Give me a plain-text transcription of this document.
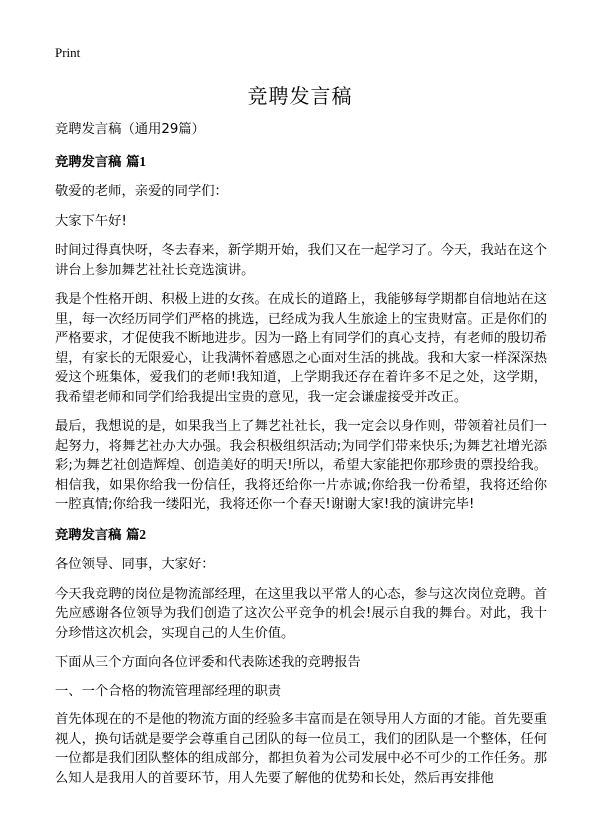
Print
竞聘发言稿

竞聘发言稿（通用29篇）

竞聘发言稿 篇1

敬爱的老师，亲爱的同学们：

大家下午好!

时间过得真快呀，冬去春来，新学期开始，我们又在一起学习了。今天，我站在这个讲台上参加舞艺社社长竞选演讲。

我是个性格开朗、积极上进的女孩。在成长的道路上，我能够每学期都自信地站在这里，每一次经历同学们严格的挑选，已经成为我人生旅途上的宝贵财富。正是你们的严格要求，才促使我不断地进步。因为一路上有同学们的真心支持，有老师的殷切希望，有家长的无限爱心，让我满怀着感恩之心面对生活的挑战。我和大家一样深深热爱这个班集体，爱我们的老师!我知道，上学期我还存在着许多不足之处，这学期，我希望老师和同学们给我提出宝贵的意见，我一定会谦虚接受并改正。

最后，我想说的是，如果我当上了舞艺社社长，我一定会以身作则，带领着社员们一起努力，将舞艺社办大办强。我会积极组织活动;为同学们带来快乐;为舞艺社增光添彩;为舞艺社创造辉煌、创造美好的明天!所以，希望大家能把你那珍贵的票投给我。相信我，如果你给我一份信任，我将还给你一片赤诚;你给我一份希望，我将还给你一腔真情;你给我一缕阳光，我将还你一个春天!谢谢大家!我的演讲完毕!

竞聘发言稿 篇2

各位领导、同事，大家好：

今天我竞聘的岗位是物流部经理，在这里我以平常人的心态，参与这次岗位竞聘。首先应感谢各位领导为我们创造了这次公平竞争的机会!展示自我的舞台。对此，我十分珍惜这次机会，实现自己的人生价值。

下面从三个方面向各位评委和代表陈述我的竞聘报告

一、一个合格的物流管理部经理的职责

首先体现在的不是他的物流方面的经验多丰富而是在领导用人方面的才能。首先要重视人，换句话就是要学会尊重自己团队的每一位员工，我们的团队是一个整体，任何一位都是我们团队整体的组成部分，都担负着为公司发展中必不可少的工作任务。那么知人是我用人的首要环节，用人先要了解他的优势和长处，然后再安排他
